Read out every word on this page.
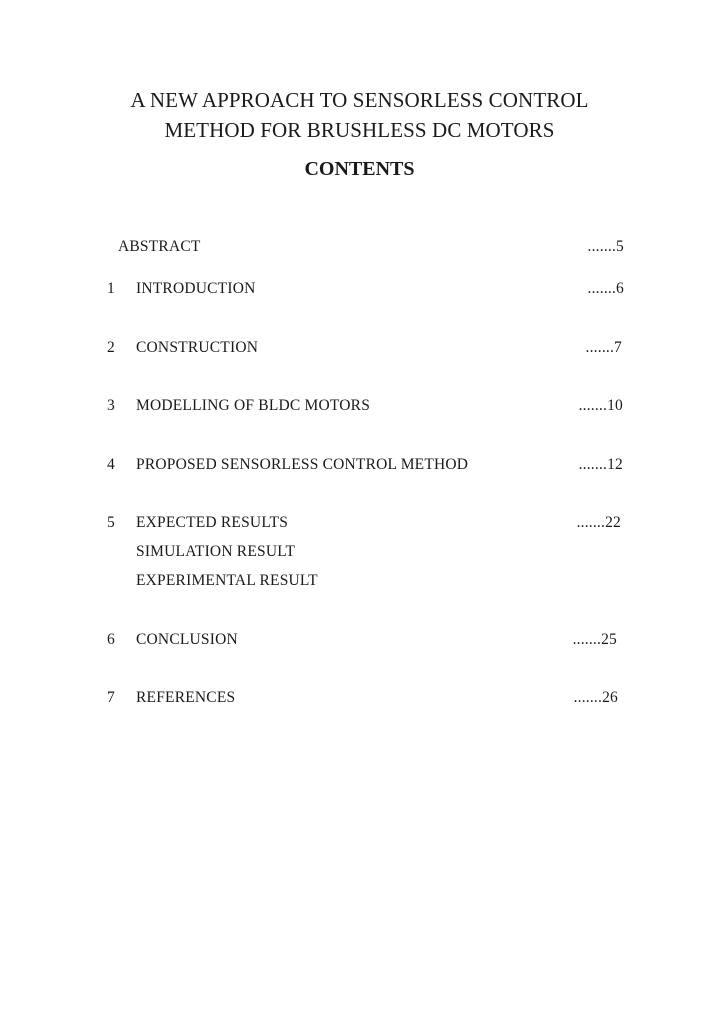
A NEW APPROACH TO SENSORLESS CONTROL
METHOD FOR BRUSHLESS DC MOTORS
CONTENTS
ABSTRACT	.......5
1 INTRODUCTION	.......6
2 CONSTRUCTION	.......7
3 MODELLING OF BLDC MOTORS	.......10
4 PROPOSED SENSORLESS CONTROL METHOD	.......12
5 EXPECTED RESULTS	.......22
SIMULATION RESULT
EXPERIMENTAL RESULT
6 CONCLUSION	.......25
7 REFERENCES	.......26
